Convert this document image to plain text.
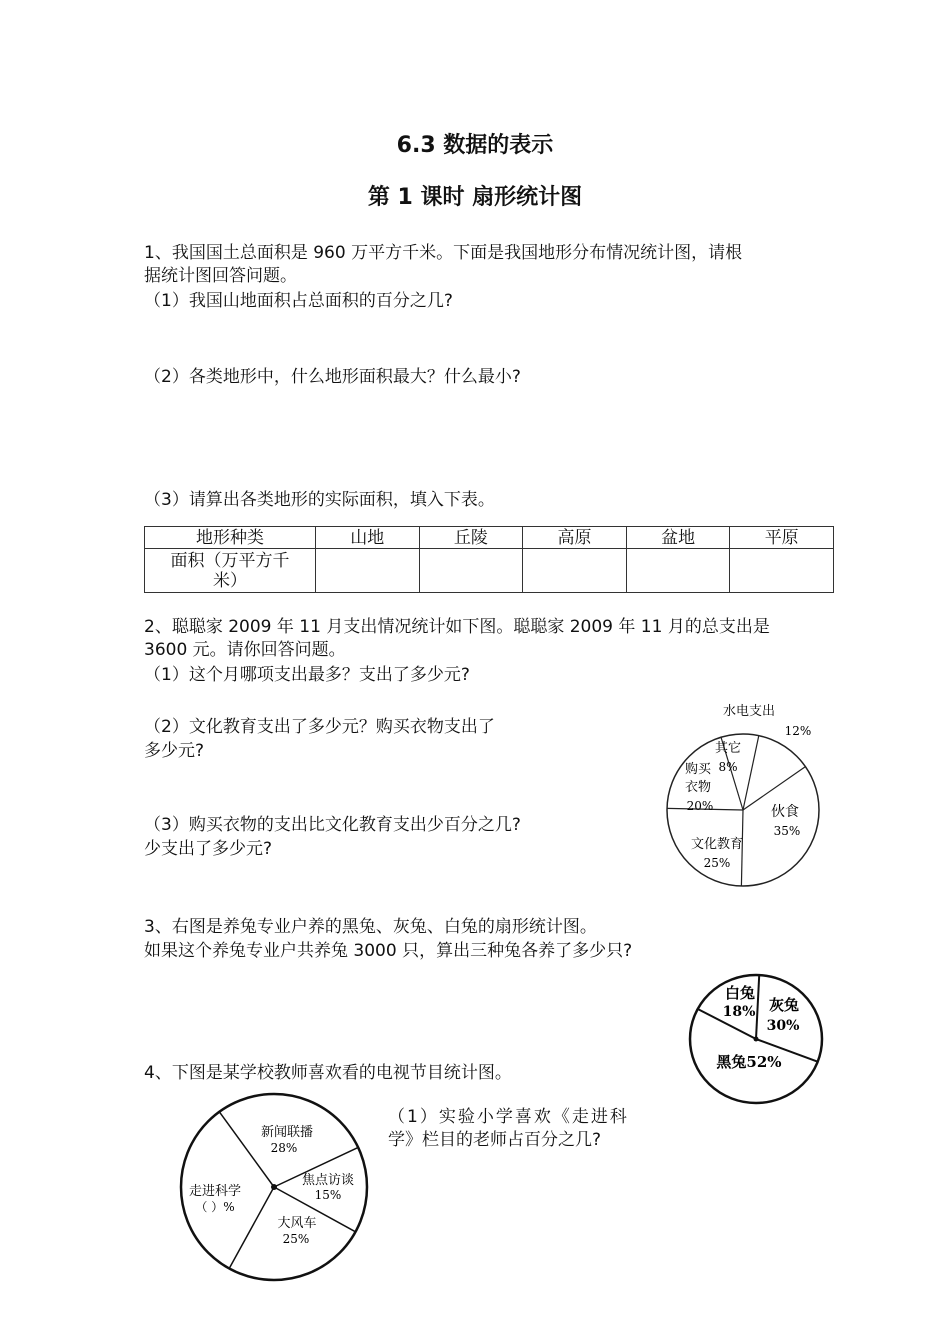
6.3 数据的表示
第 1 课时 扇形统计图
1、我国国土总面积是 960 万平方千米。下面是我国地形分布情况统计图，请根
据统计图回答问题。
（1）我国山地面积占总面积的百分之几?
（2）各类地形中，什么地形面积最大？什么最小?
（3）请算出各类地形的实际面积，填入下表。
地形种类	山地	丘陵	高原	盆地	平原

面积（万平方千
米）					

2、聪聪家 2009 年 11 月支出情况统计如下图。聪聪家 2009 年 11 月的总支出是
3600 元。请你回答问题。
（1）这个月哪项支出最多？支出了多少元?
（2）文化教育支出了多少元？购买衣物支出了
多少元?
（3）购买衣物的支出比文化教育支出少百分之几?
少支出了多少元?
3、右图是养兔专业户养的黑兔、灰兔、白兔的扇形统计图。
如果这个养兔专业户共养兔 3000 只，算出三种兔各养了多少只?
4、下图是某学校教师喜欢看的电视节目统计图。
（1）实验小学喜欢《走进科
学》栏目的老师占百分之几?
水电支出
12%
伙食
35%
文化教育
25%
购买
衣物
20%
其它
8%
白兔
18% 灰兔
30%
黑兔52%
新闻联播
28%
焦点访谈
15%
大风车
25%
走进科学
（ ）%
